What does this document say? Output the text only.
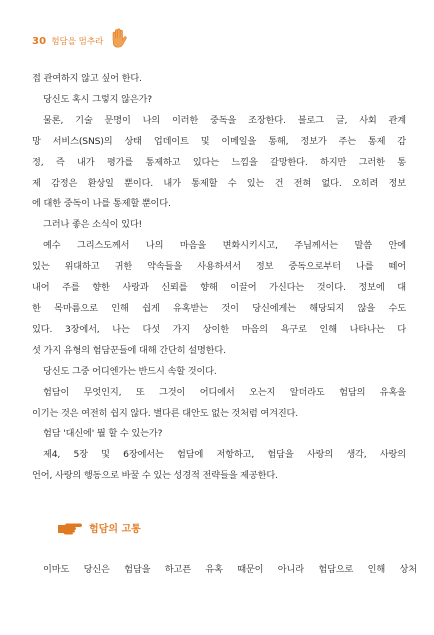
30 험담을 멈추라
접 관여하지 않고 싶어 한다.
당신도 혹시 그렇지 않은가?
물론, 기술 문명이 나의 이러한 중독을 조장한다. 블로그 글, 사회 관계
망 서비스(SNS)의 상태 업데이트 및 이메일을 통해, 정보가 주는 통제 감
정, 즉 내가 평가를 통제하고 있다는 느낌을 갈망한다. 하지만 그러한 통
제 감정은 환상일 뿐이다. 내가 통제할 수 있는 건 전혀 없다. 오히려 정보
에 대한 중독이 나를 통제할 뿐이다.
그러나 좋은 소식이 있다!
예수 그리스도께서 나의 마음을 변화시키시고, 주님께서는 말씀 안에
있는 위대하고 귀한 약속들을 사용하셔서 정보 중독으로부터 나를 떼어
내어 주를 향한 사랑과 신뢰를 향해 이끌어 가신다는 것이다. 정보에 대
한 목마름으로 인해 쉽게 유혹받는 것이 당신에게는 해당되지 않을 수도
있다. 3장에서, 나는 다섯 가지 상이한 마음의 욕구로 인해 나타나는 다
섯 가지 유형의 험담꾼들에 대해 간단히 설명한다.
당신도 그중 어디엔가는 반드시 속할 것이다.
험담이 무엇인지, 또 그것이 어디에서 오는지 알더라도 험담의 유혹을
이기는 것은 여전히 쉽지 않다. 별다른 대안도 없는 것처럼 여겨진다.
험담 '대신에' 뭘 할 수 있는가?
제4, 5장 및 6장에서는 험담에 저항하고, 험담을 사랑의 생각, 사랑의
언어, 사랑의 행동으로 바꿀 수 있는 성경적 전략들을 제공한다.
험담의 고통
이마도 당신은 험담을 하고픈 유혹 때문이 아니라 험담으로 인해 상처
